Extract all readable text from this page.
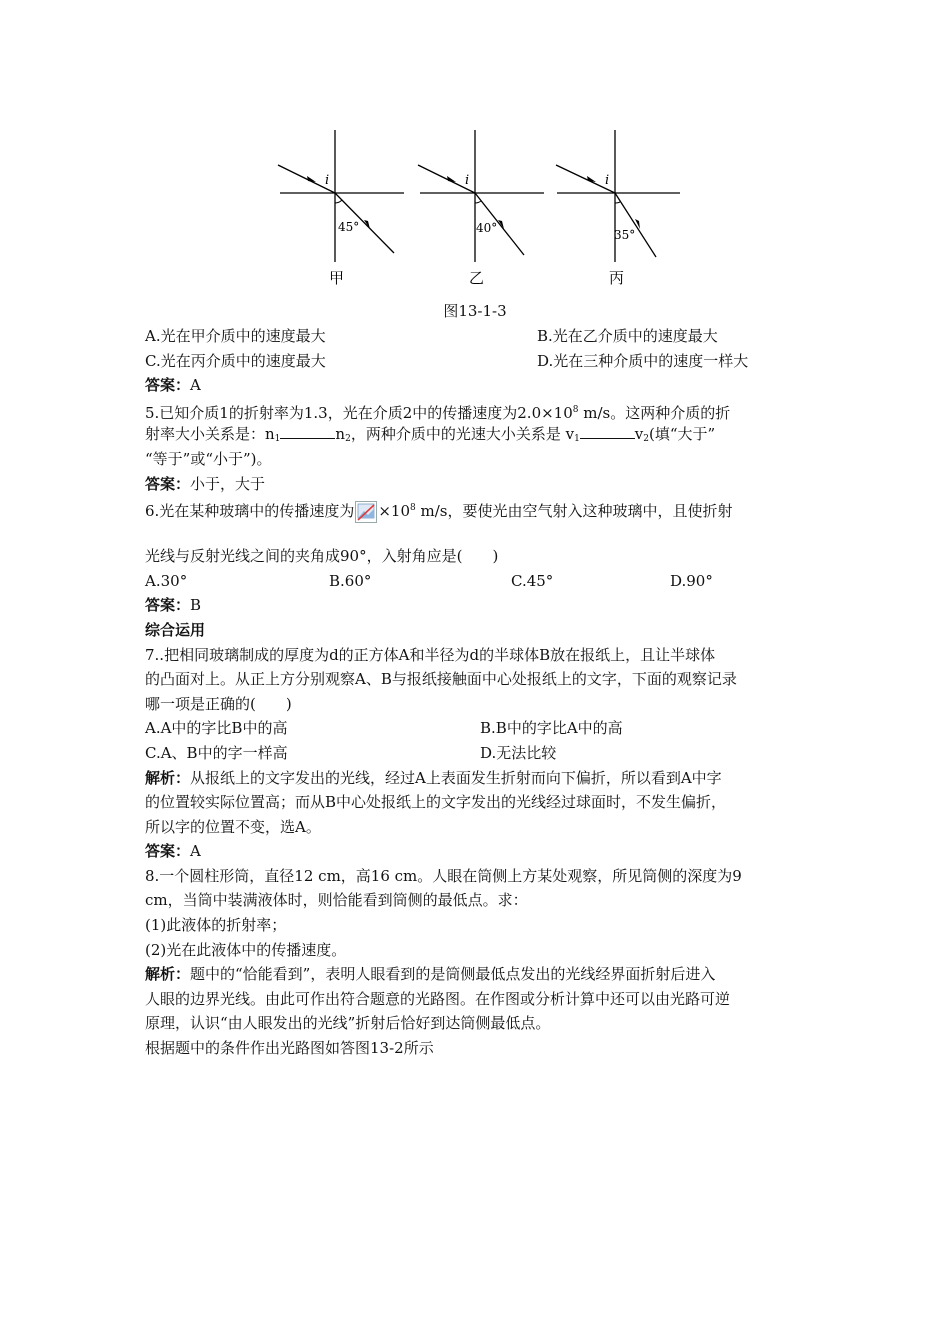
i
45°
甲
i
40°
乙
35°
i
丙
图13-1-3
A.光在甲介质中的速度最大	B.光在乙介质中的速度最大
C.光在丙介质中的速度最大	D.光在三种介质中的速度一样大
答案：A
5.已知介质1的折射率为1.3，光在介质2中的传播速度为$2.0\times 10^8$ m/s。这两种介质的折
射率大小关系是：$n_1$	$n_2$，两种介质中的光速大小关系是 $v_1$	$v_2$(填“大于”
“等于”或“小于”)。
答案：小于，大于
6.光在某种玻璃中的传播速度为 $\times 10^8$ m/s，要使光由空气射入这种玻璃中，且使折射
光线与反射光线之间的夹角成90°，入射角应是(　　)
A.30°	B.60°	C.45°	D.90°
答案：B
综合运用
7..把相同玻璃制成的厚度为d的正方体A和半径为d的半球体B放在报纸上，且让半球体
的凸面对上。从正上方分别观察A、B与报纸接触面中心处报纸上的文字，下面的观察记录
哪一项是正确的(　　)
A.A中的字比B中的高	B.B中的字比A中的高
C.A、B中的字一样高	D.无法比较
解析：从报纸上的文字发出的光线，经过A上表面发生折射而向下偏折，所以看到A中字
的位置较实际位置高；而从B中心处报纸上的文字发出的光线经过球面时，不发生偏折，
所以字的位置不变，选A。
答案：A
8.一个圆柱形筒，直径12 cm，高16 cm。人眼在筒侧上方某处观察，所见筒侧的深度为9
cm，当筒中装满液体时，则恰能看到筒侧的最低点。求：
(1)此液体的折射率；
(2)光在此液体中的传播速度。
解析：题中的“恰能看到”，表明人眼看到的是筒侧最低点发出的光线经界面折射后进入
人眼的边界光线。由此可作出符合题意的光路图。在作图或分析计算中还可以由光路可逆
原理，认识“由人眼发出的光线”折射后恰好到达筒侧最低点。
根据题中的条件作出光路图如答图13-2所示
